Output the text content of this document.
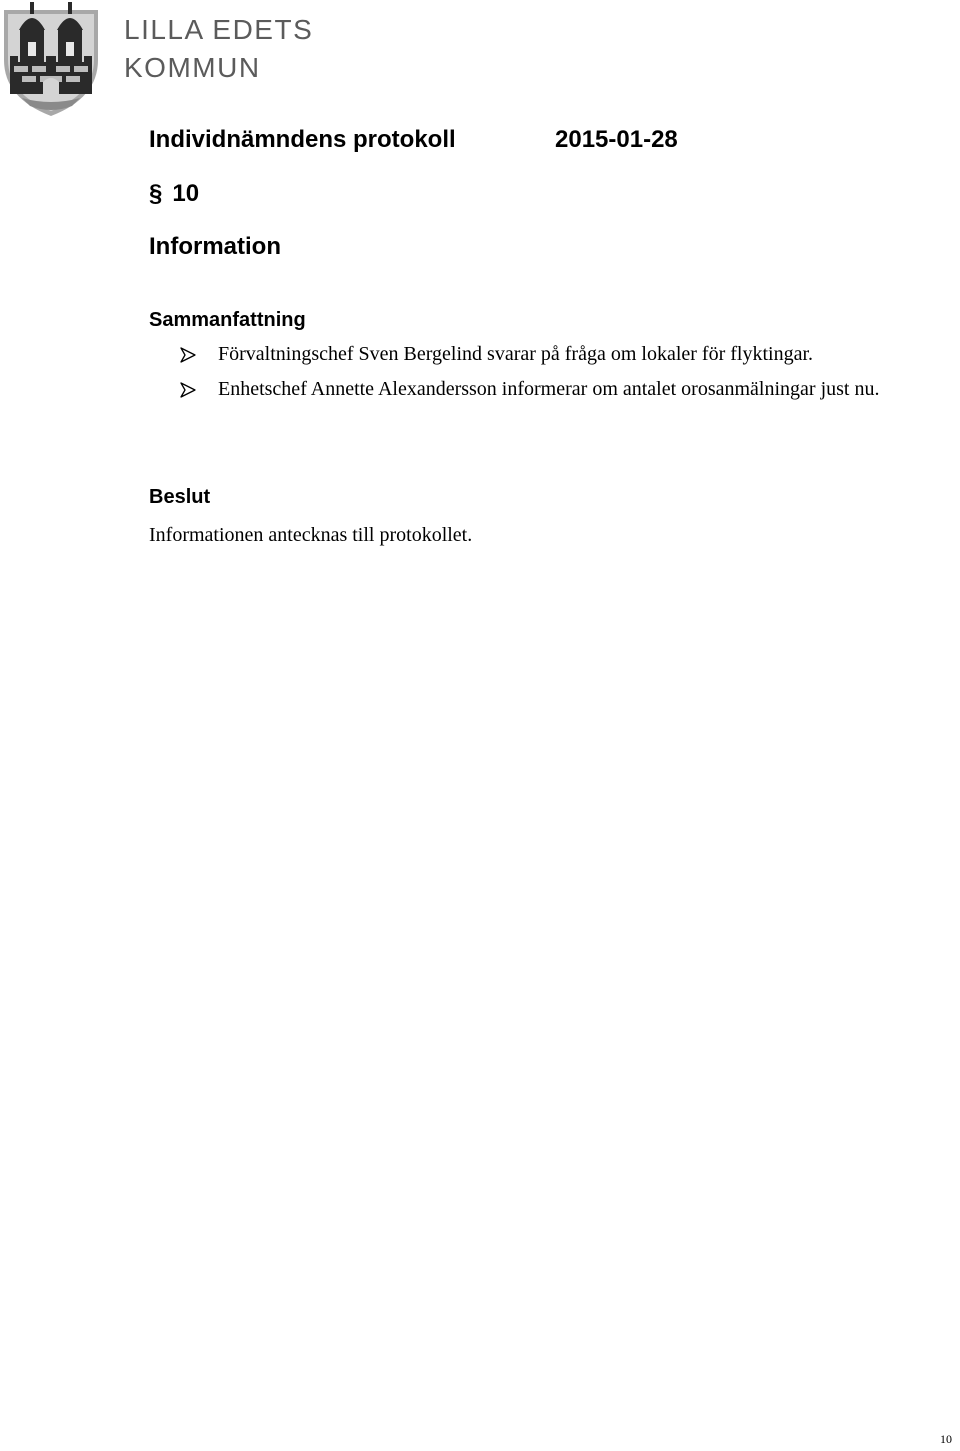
LILLA EDETS
KOMMUN
Individnämndens protokoll	2015-01-28
§ 10
Information
Sammanfattning
Förvaltningschef Sven Bergelind svarar på fråga om lokaler för flyktingar.
Enhetschef Annette Alexandersson informerar om antalet orosanmälningar just nu.
Beslut
Informationen antecknas till protokollet.
10
